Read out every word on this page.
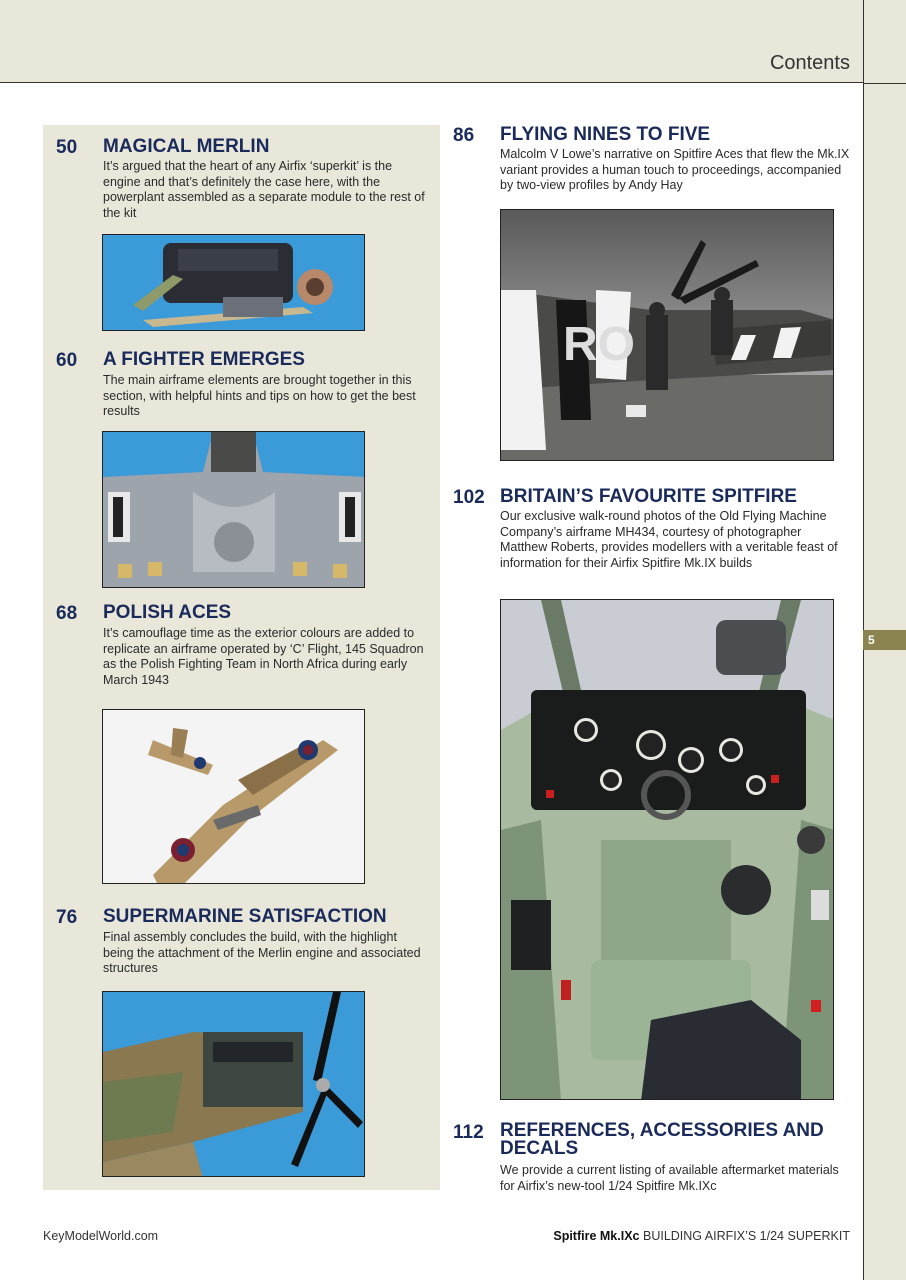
5
Contents
50 MAGICAL MERLIN
It’s argued that the heart of any Airfix ‘superkit’ is the engine and that’s definitely the case here, with the powerplant assembled as a separate module to the rest of the kit
60 A FIGHTER EMERGES
The main airframe elements are brought together in this section, with helpful hints and tips on how to get the best results
68 POLISH ACES
It’s camouflage time as the exterior colours are added to replicate an airframe operated by ‘C’ Flight, 145 Squadron as the Polish Fighting Team in North Africa during early March 1943
76 SUPERMARINE SATISFACTION
Final assembly concludes the build, with the highlight being the attachment of the Merlin engine and associated structures
86 FLYING NINES TO FIVE
Malcolm V Lowe’s narrative on Spitfire Aces that flew the Mk.IX variant provides a human touch to proceedings, accompanied by two-view profiles by Andy Hay
RO
102 BRITAIN’S FAVOURITE SPITFIRE
Our exclusive walk-round photos of the Old Flying Machine Company’s airframe MH434, courtesy of photographer Matthew Roberts, provides modellers with a veritable feast of information for their Airfix Spitfire Mk.IX builds
112 REFERENCES, ACCESSORIES AND DECALS
We provide a current listing of available aftermarket materials for Airfix’s new-tool 1/24 Spitfire Mk.IXc
KeyModelWorld.com	Spitfire Mk.IXc BUILDING AIRFIX’S 1/24 SUPERKIT
